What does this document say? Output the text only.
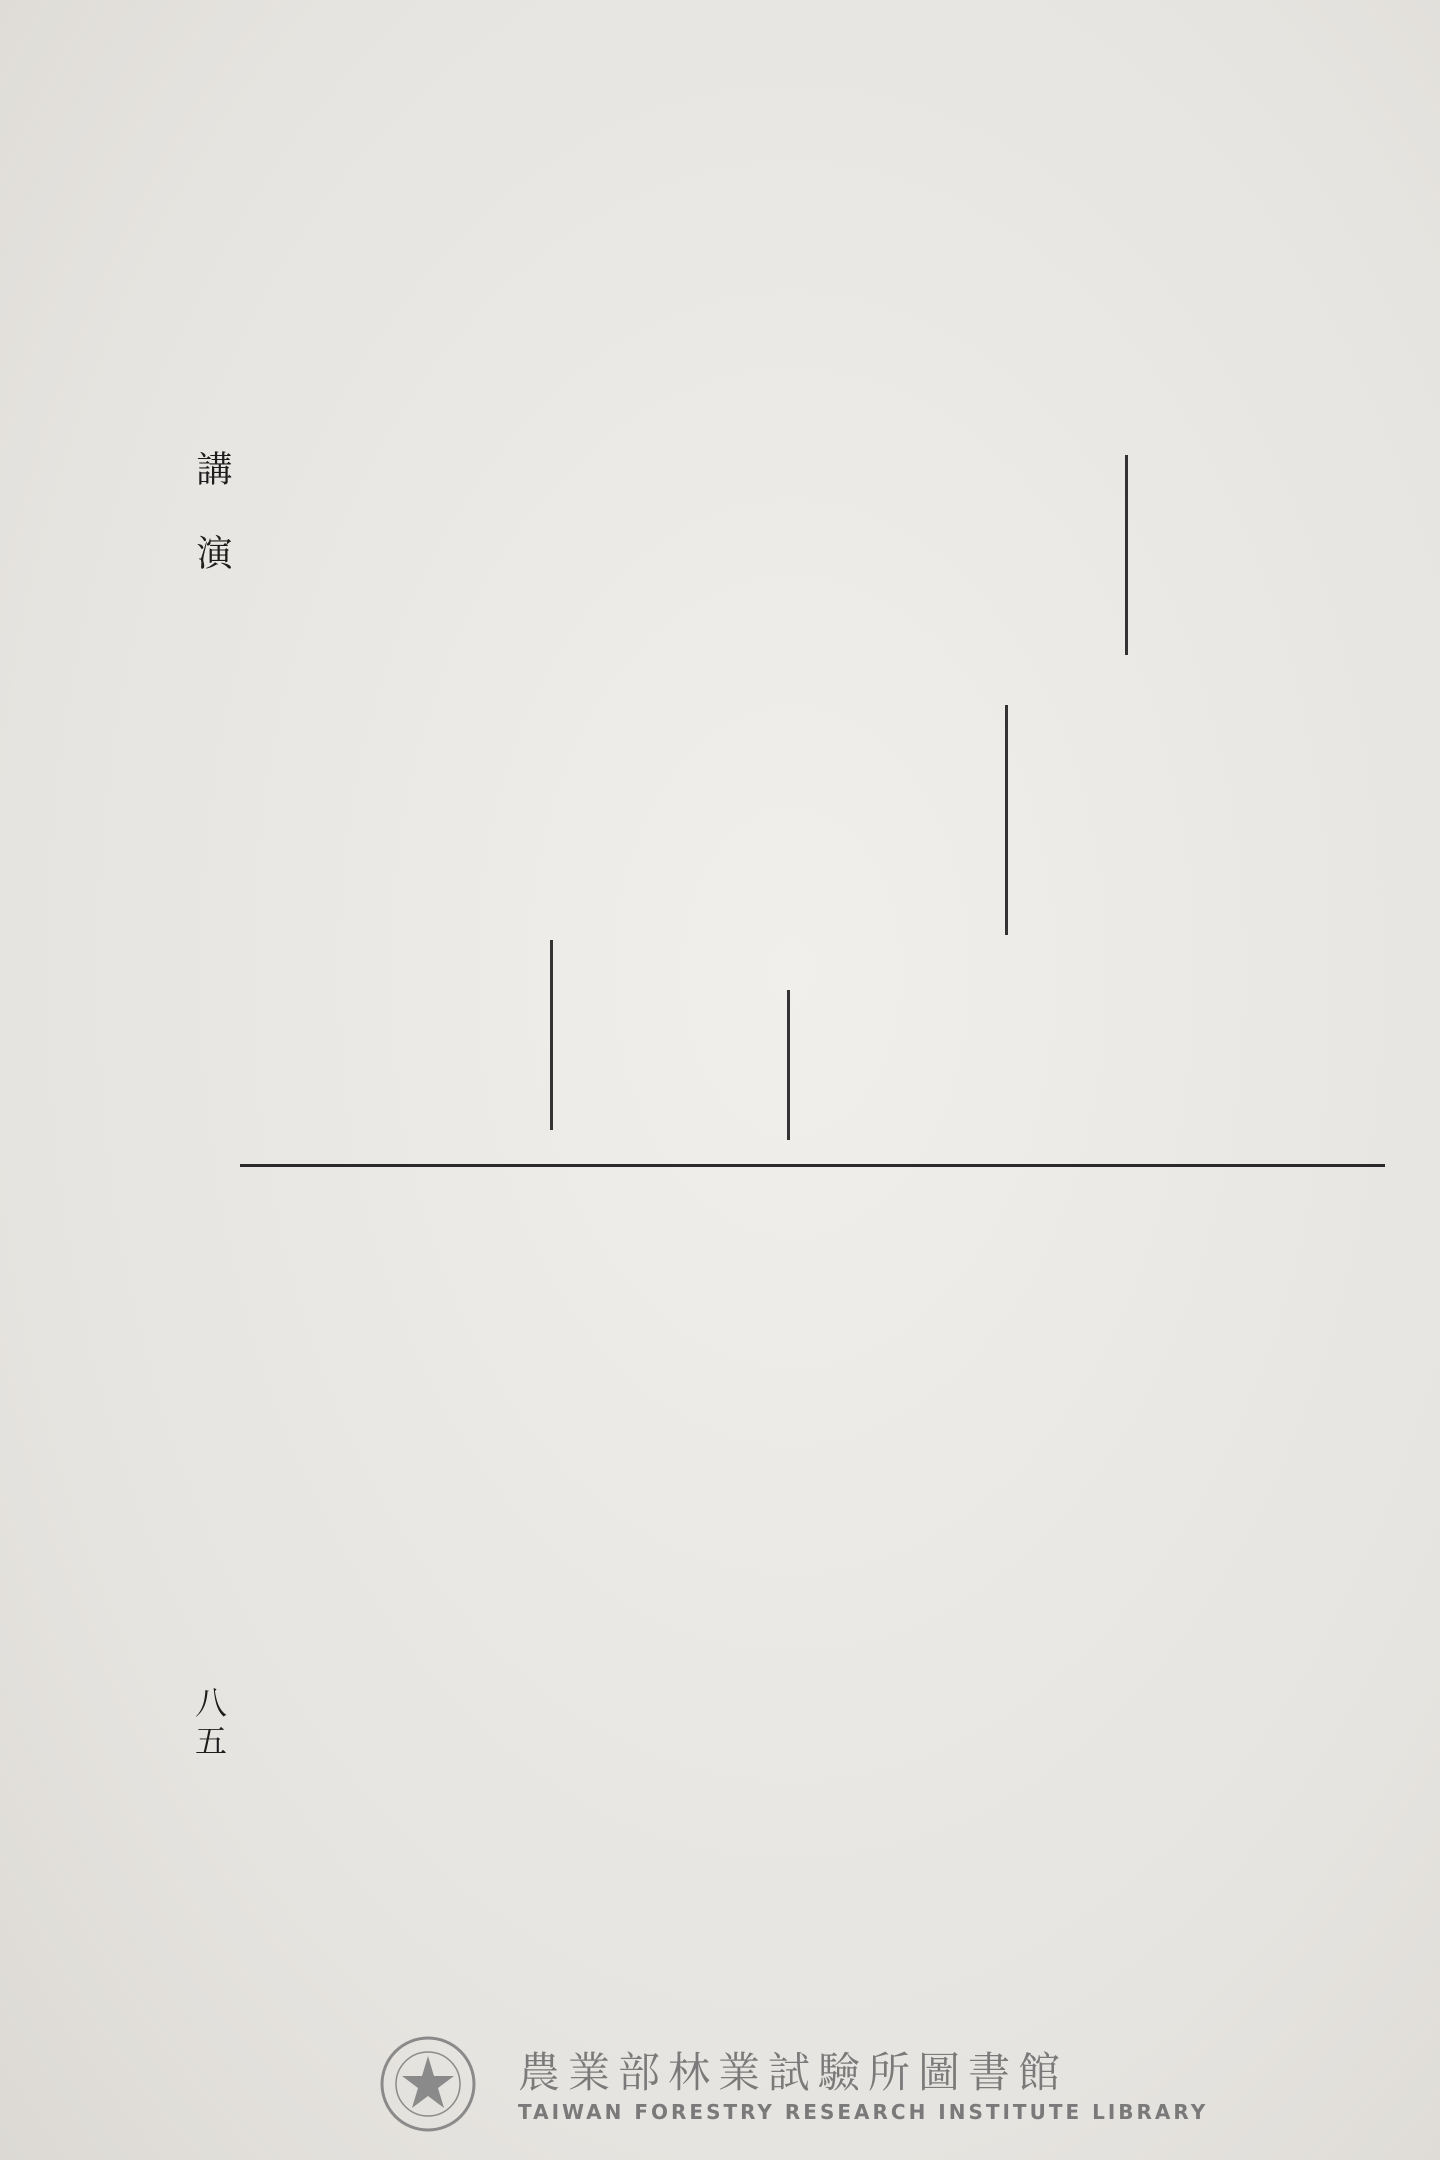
講演
八五
農業部林業試驗所圖書館
TAIWAN FORESTRY RESEARCH INSTITUTE LIBRARY
